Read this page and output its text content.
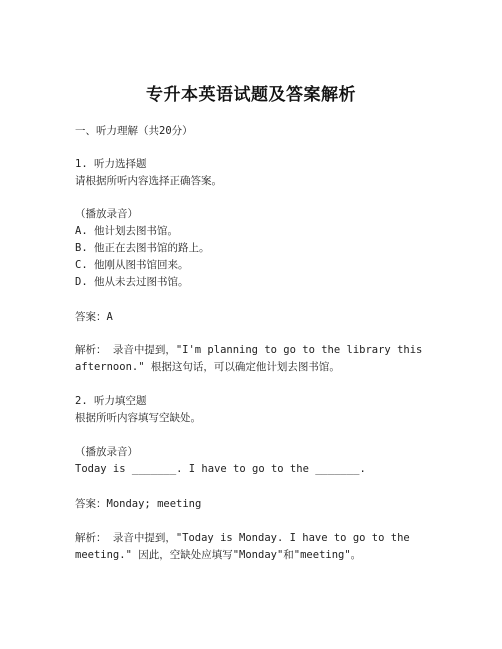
专升本英语试题及答案解析
一、听力理解（共20分）
1. 听力选择题
请根据所听内容选择正确答案。
（播放录音）
A. 他计划去图书馆。
B. 他正在去图书馆的路上。
C. 他刚从图书馆回来。
D. 他从未去过图书馆。
答案：A
解析： 录音中提到，"I'm planning to go to the library this
afternoon." 根据这句话，可以确定他计划去图书馆。
2. 听力填空题
根据所听内容填写空缺处。
（播放录音）
Today is _______. I have to go to the _______.
答案：Monday; meeting
解析： 录音中提到，"Today is Monday. I have to go to the
meeting." 因此，空缺处应填写"Monday"和"meeting"。
